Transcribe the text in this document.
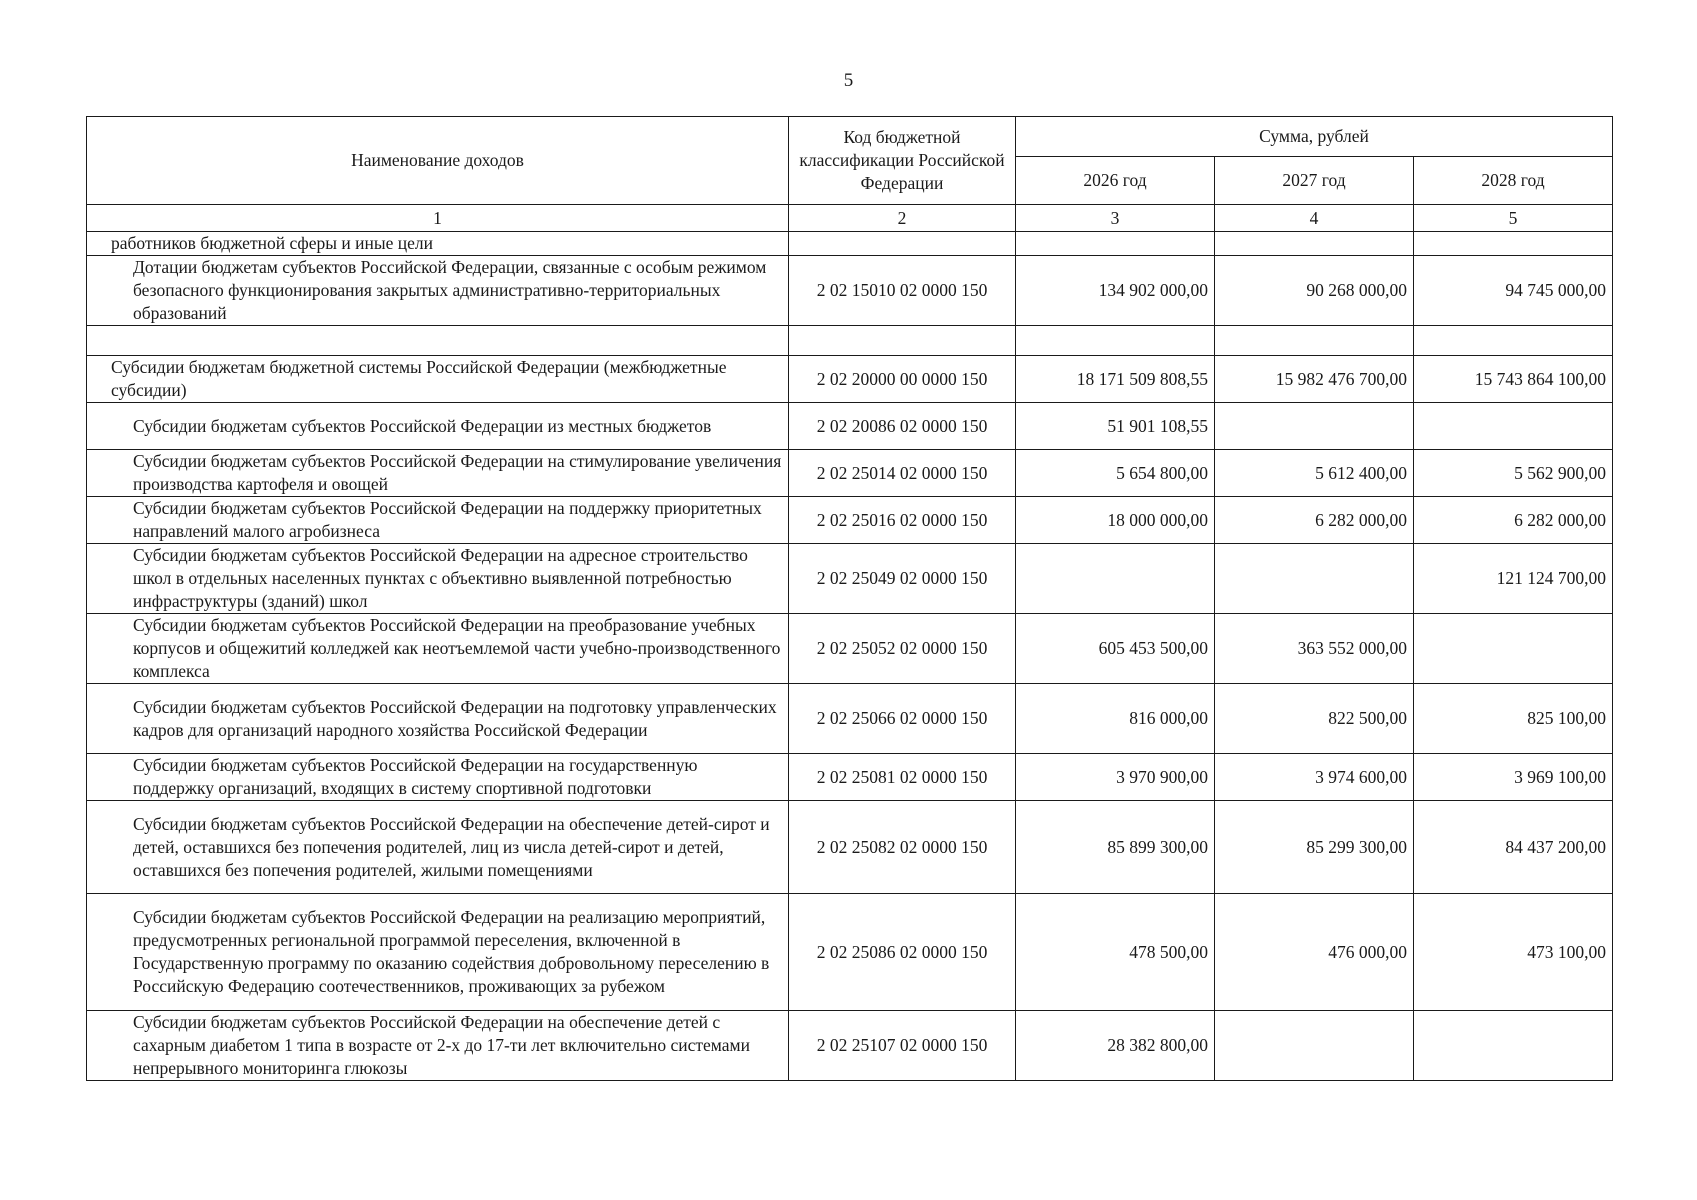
5
Наименование доходов	Код бюджетной классификации Российской Федерации	Сумма, рублей		
		2026 год	2027 год	2028 год
1	2	3	4	5
работников бюджетной сферы и иные цели				
Дотации бюджетам субъектов Российской Федерации, связанные с особым режимом безопасного функционирования закрытых административно-территориальных образований	2 02 15010 02 0000 150	134 902 000,00	90 268 000,00	94 745 000,00

Субсидии бюджетам бюджетной системы Российской Федерации (межбюджетные субсидии)	2 02 20000 00 0000 150	18 171 509 808,55	15 982 476 700,00	15 743 864 100,00
Субсидии бюджетам субъектов Российской Федерации из местных бюджетов	2 02 20086 02 0000 150	51 901 108,55		
Субсидии бюджетам субъектов Российской Федерации на стимулирование увеличения производства картофеля и овощей	2 02 25014 02 0000 150	5 654 800,00	5 612 400,00	5 562 900,00
Субсидии бюджетам субъектов Российской Федерации на поддержку приоритетных направлений малого агробизнеса	2 02 25016 02 0000 150	18 000 000,00	6 282 000,00	6 282 000,00
Субсидии бюджетам субъектов Российской Федерации на адресное строительство школ в отдельных населенных пунктах с объективно выявленной потребностью инфраструктуры (зданий) школ	2 02 25049 02 0000 150			121 124 700,00
Субсидии бюджетам субъектов Российской Федерации на преобразование учебных корпусов и общежитий колледжей как неотъемлемой части учебно-производственного комплекса	2 02 25052 02 0000 150	605 453 500,00	363 552 000,00	
Субсидии бюджетам субъектов Российской Федерации на подготовку управленческих кадров для организаций народного хозяйства Российской Федерации	2 02 25066 02 0000 150	816 000,00	822 500,00	825 100,00
Субсидии бюджетам субъектов Российской Федерации на государственную поддержку организаций, входящих в систему спортивной подготовки	2 02 25081 02 0000 150	3 970 900,00	3 974 600,00	3 969 100,00
Субсидии бюджетам субъектов Российской Федерации на обеспечение детей-сирот и детей, оставшихся без попечения родителей, лиц из числа детей-сирот и детей, оставшихся без попечения родителей, жилыми помещениями	2 02 25082 02 0000 150	85 899 300,00	85 299 300,00	84 437 200,00
Субсидии бюджетам субъектов Российской Федерации на реализацию мероприятий, предусмотренных региональной программой переселения, включенной в Государственную программу по оказанию содействия добровольному переселению в Российскую Федерацию соотечественников, проживающих за рубежом	2 02 25086 02 0000 150	478 500,00	476 000,00	473 100,00
Субсидии бюджетам субъектов Российской Федерации на обеспечение детей с сахарным диабетом 1 типа в возрасте от 2-х до 17-ти лет включительно системами непрерывного мониторинга глюкозы	2 02 25107 02 0000 150	28 382 800,00		
